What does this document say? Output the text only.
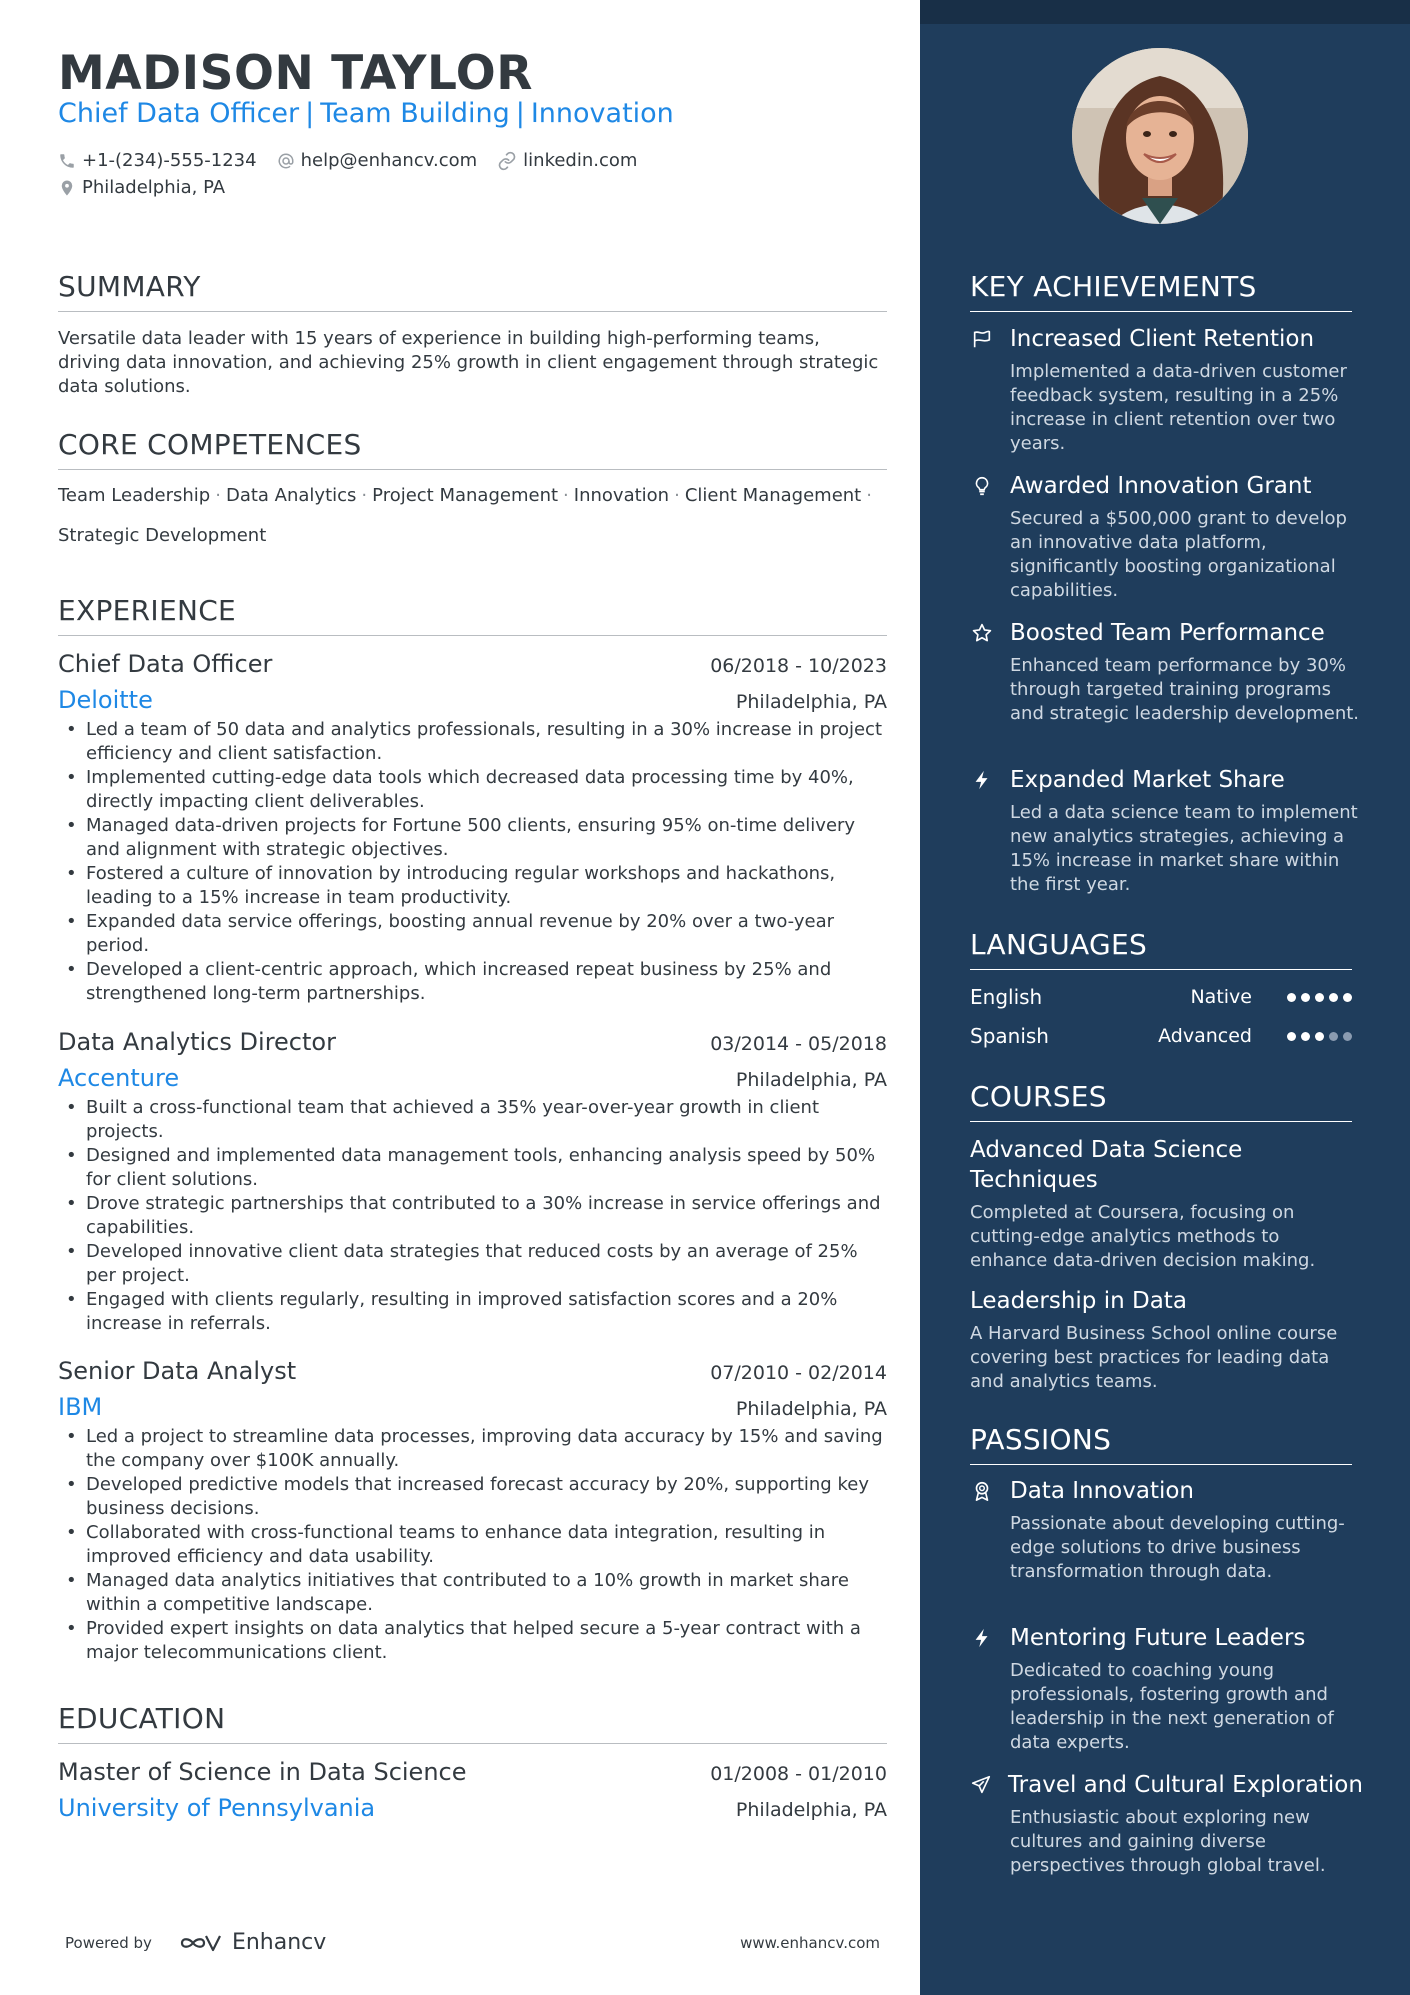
MADISON TAYLOR
Chief Data Officer | Team Building | Innovation
+1-(234)-555-1234 help@enhancv.com	linkedin.com
Philadelphia, PA
SUMMARY
Versatile data leader with 15 years of experience in building high-performing teams, driving data innovation, and achieving 25% growth in client engagement through strategic data solutions.
CORE COMPETENCES
Team Leadership · Data Analytics · Project Management · Innovation · Client Management ·
Strategic Development
EXPERIENCE
Chief Data Officer	06/2018 - 10/2023
Deloitte	Philadelphia, PA
• Led a team of 50 data and analytics professionals, resulting in a 30% increase in project efficiency and client satisfaction.
• Implemented cutting-edge data tools which decreased data processing time by 40%, directly impacting client deliverables.
• Managed data-driven projects for Fortune 500 clients, ensuring 95% on-time delivery and alignment with strategic objectives.
• Fostered a culture of innovation by introducing regular workshops and hackathons, leading to a 15% increase in team productivity.
• Expanded data service offerings, boosting annual revenue by 20% over a two-year period.
• Developed a client-centric approach, which increased repeat business by 25% and strengthened long-term partnerships.
Data Analytics Director	03/2014 - 05/2018
Accenture	Philadelphia, PA
• Built a cross-functional team that achieved a 35% year-over-year growth in client projects.
• Designed and implemented data management tools, enhancing analysis speed by 50% for client solutions.
• Drove strategic partnerships that contributed to a 30% increase in service offerings and capabilities.
• Developed innovative client data strategies that reduced costs by an average of 25% per project.
• Engaged with clients regularly, resulting in improved satisfaction scores and a 20% increase in referrals.
Senior Data Analyst	07/2010 - 02/2014
IBM	Philadelphia, PA
• Led a project to streamline data processes, improving data accuracy by 15% and saving the company over $100K annually.
• Developed predictive models that increased forecast accuracy by 20%, supporting key business decisions.
• Collaborated with cross-functional teams to enhance data integration, resulting in improved efficiency and data usability.
• Managed data analytics initiatives that contributed to a 10% growth in market share within a competitive landscape.
• Provided expert insights on data analytics that helped secure a 5-year contract with a major telecommunications client.
EDUCATION
Master of Science in Data Science	01/2008 - 01/2010
University of Pennsylvania	Philadelphia, PA
Powered by	Enhancv	www.enhancv.com
KEY ACHIEVEMENTS
Increased Client Retention
Implemented a data-driven customer feedback system, resulting in a 25% increase in client retention over two years.
Awarded Innovation Grant
Secured a $500,000 grant to develop an innovative data platform, significantly boosting organizational capabilities.
Boosted Team Performance
Enhanced team performance by 30% through targeted training programs and strategic leadership development.
Expanded Market Share
Led a data science team to implement new analytics strategies, achieving a 15% increase in market share within the first year.
LANGUAGES
English	Native
Spanish	Advanced
COURSES
Advanced Data Science Techniques
Completed at Coursera, focusing on cutting-edge analytics methods to enhance data-driven decision making.
Leadership in Data
A Harvard Business School online course covering best practices for leading data and analytics teams.
PASSIONS
Data Innovation
Passionate about developing cutting-edge solutions to drive business transformation through data.
Mentoring Future Leaders
Dedicated to coaching young professionals, fostering growth and leadership in the next generation of data experts.
Travel and Cultural Exploration
Enthusiastic about exploring new cultures and gaining diverse perspectives through global travel.
